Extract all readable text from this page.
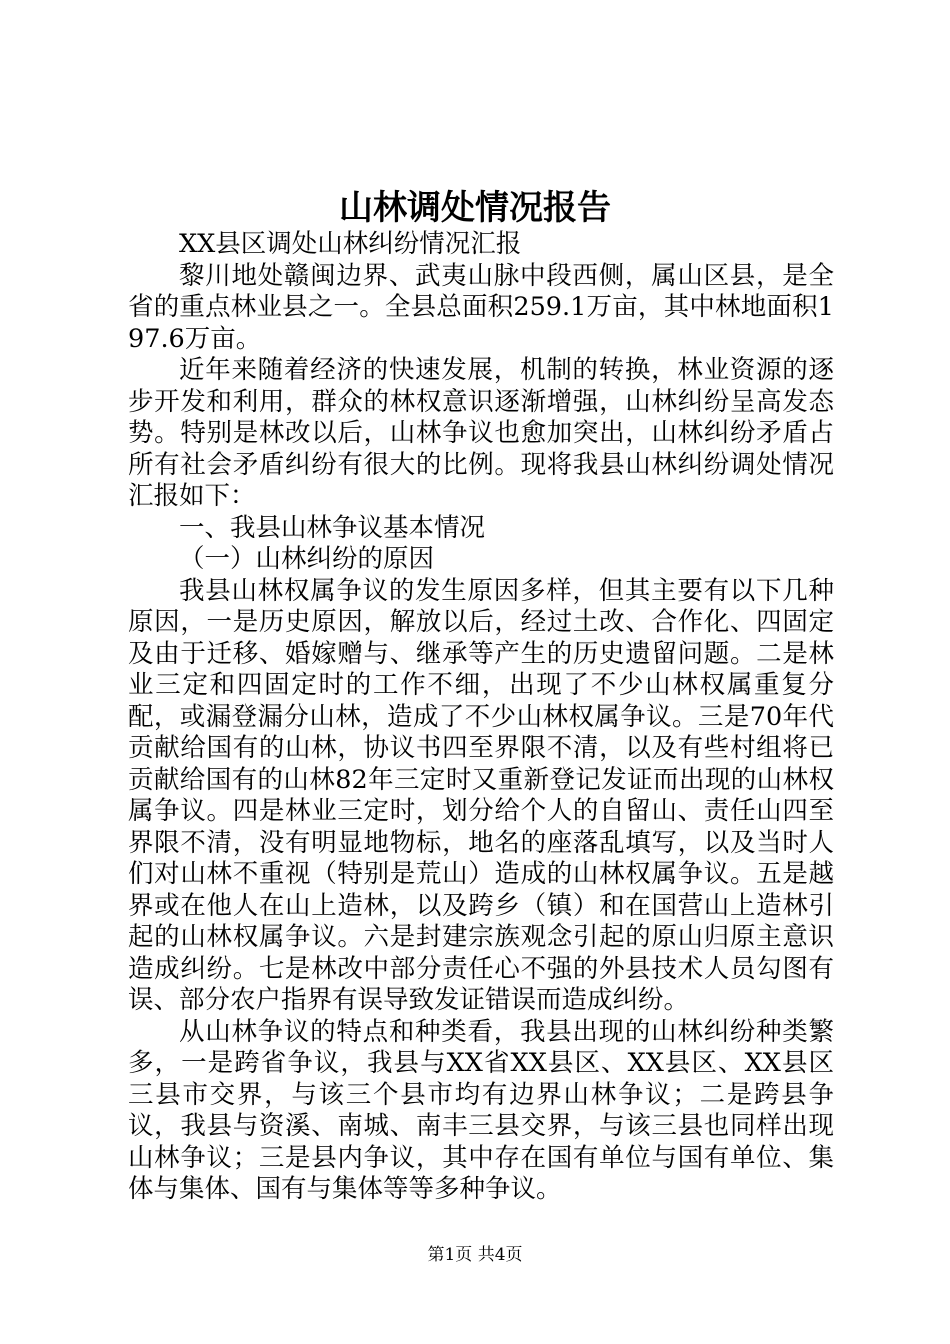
山林调处情况报告

XX县区调处山林纠纷情况汇报

黎川地处赣闽边界、武夷山脉中段西侧，属山区县，是全省的重点林业县之一。全县总面积259.1万亩，其中林地面积197.6万亩。

近年来随着经济的快速发展，机制的转换，林业资源的逐步开发和利用，群众的林权意识逐渐增强，山林纠纷呈高发态势。特别是林改以后，山林争议也愈加突出，山林纠纷矛盾占所有社会矛盾纠纷有很大的比例。现将我县山林纠纷调处情况汇报如下：

一、我县山林争议基本情况

（一）山林纠纷的原因

我县山林权属争议的发生原因多样，但其主要有以下几种原因，一是历史原因，解放以后，经过土改、合作化、四固定及由于迁移、婚嫁赠与、继承等产生的历史遗留问题。二是林业三定和四固定时的工作不细，出现了不少山林权属重复分配，或漏登漏分山林，造成了不少山林权属争议。三是70年代贡献给国有的山林，协议书四至界限不清，以及有些村组将已贡献给国有的山林82年三定时又重新登记发证而出现的山林权属争议。四是林业三定时，划分给个人的自留山、责任山四至界限不清，没有明显地物标，地名的座落乱填写，以及当时人们对山林不重视（特别是荒山）造成的山林权属争议。五是越界或在他人在山上造林，以及跨乡（镇）和在国营山上造林引起的山林权属争议。六是封建宗族观念引起的原山归原主意识造成纠纷。七是林改中部分责任心不强的外县技术人员勾图有误、部分农户指界有误导致发证错误而造成纠纷。

从山林争议的特点和种类看，我县出现的山林纠纷种类繁多，一是跨省争议，我县与XX省XX县区、XX县区、XX县区三县市交界，与该三个县市均有边界山林争议；二是跨县争议，我县与资溪、南城、南丰三县交界，与该三县也同样出现山林争议；三是县内争议，其中存在国有单位与国有单位、集体与集体、国有与集体等等多种争议。

第1页 共4页
